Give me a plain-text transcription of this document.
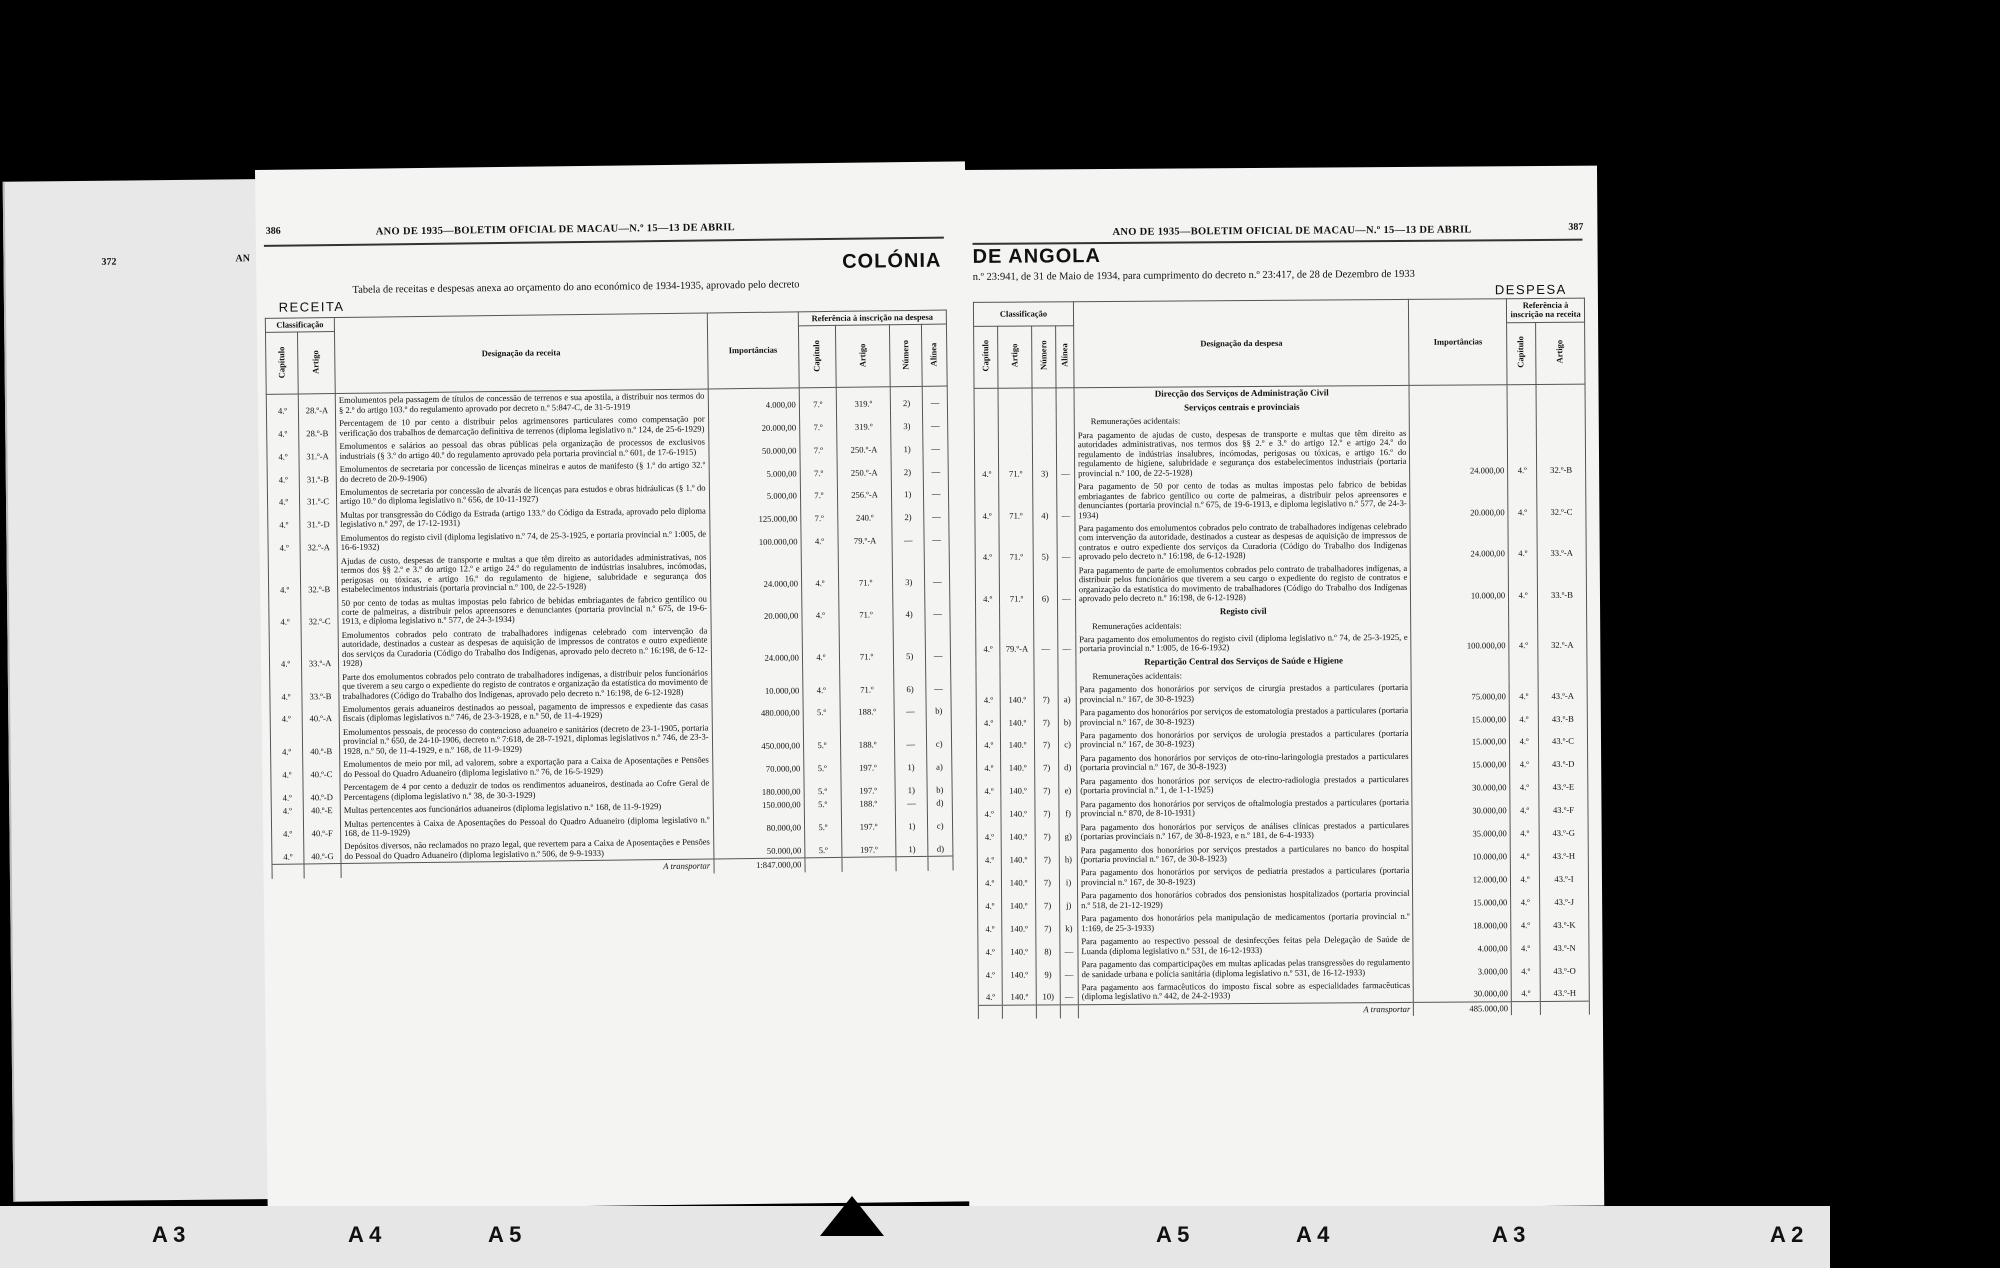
372	AN
386	ANO DE 1935—BOLETIM OFICIAL DE MACAU—N.º 15—13 DE ABRIL
COLÓNIA
Tabela de receitas e despesas anexa ao orçamento do ano económico de 1934-1935, aprovado pelo decreto
RECEITA
Classificação		Designação da receita	Importâncias	Referência à inscrição na despesa			
Capítulo	Artigo			Capítulo	Artigo	Número	Alínea
4.º	28.º-A	Emolumentos pela passagem de títulos de concessão de terrenos e sua apostila, a distribuir nos termos do § 2.º do artigo 103.º do regulamento aprovado por decreto n.º 5:847-C, de 31-5-1919	4.000,00	7.º	319.º	2)	—
4.º	28.º-B	Percentagem de 10 por cento a distribuir pelos agrimensores particulares como compensação por verificação dos trabalhos de demarcação definitiva de terrenos (diploma legislativo n.º 124, de 25-6-1929)	20.000,00	7.º	319.º	3)	—
4.º	31.º-A	Emolumentos e salários ao pessoal das obras públicas pela organização de processos de exclusivos industriais (§ 3.º do artigo 40.º do regulamento aprovado pela portaria provincial n.º 601, de 17-6-1915)	50.000,00	7.º	250.º-A	1)	—
4.º	31.º-B	Emolumentos de secretaria por concessão de licenças mineiras e autos de manifesto (§ 1.º do artigo 32.º do decreto de 20-9-1906)	5.000,00	7.º	250.º-A	2)	—
4.º	31.º-C	Emolumentos de secretaria por concessão de alvarás de licenças para estudos e obras hidráulicas (§ 1.º do artigo 10.º do diploma legislativo n.º 656, de 10-11-1927)	5.000,00	7.º	256.º-A	1)	—
4.º	31.º-D	Multas por transgressão do Código da Estrada (artigo 133.º do Código da Estrada, aprovado pelo diploma legislativo n.º 297, de 17-12-1931)	125.000,00	7.º	240.º	2)	—
4.º	32.º-A	Emolumentos do registo civil (diploma legislativo n.º 74, de 25-3-1925, e portaria provincial n.º 1:005, de 16-6-1932)	100.000,00	4.º	79.º-A	—	—
4.º	32.º-B	Ajudas de custo, despesas de transporte e multas a que têm direito as autoridades administrativas, nos termos dos §§ 2.º e 3.º do artigo 12.º e artigo 24.º do regulamento de indústrias insalubres, incómodas, perigosas ou tóxicas, e artigo 16.º do regulamento de higiene, salubridade e segurança dos estabelecimentos industriais (portaria provincial n.º 100, de 22-5-1928)	24.000,00	4.º	71.º	3)	—
4.º	32.º-C	50 por cento de todas as multas impostas pelo fabrico de bebidas embriagantes de fabrico gentílico ou corte de palmeiras, a distribuir pelos apreensores e denunciantes (portaria provincial n.º 675, de 19-6-1913, e diploma legislativo n.º 577, de 24-3-1934)	20.000,00	4.º	71.º	4)	—
4.º	33.º-A	Emolumentos cobrados pelo contrato de trabalhadores indígenas celebrado com intervenção da autoridade, destinados a custear as despesas de aquisição de impressos de contratos e outro expediente dos serviços da Curadoria (Código do Trabalho dos Indígenas, aprovado pelo decreto n.º 16:198, de 6-12-1928)	24.000,00	4.º	71.º	5)	—
4.º	33.º-B	Parte dos emolumentos cobrados pelo contrato de trabalhadores indígenas, a distribuir pelos funcionários que tiverem a seu cargo o expediente do registo de contratos e organização da estatística do movimento de trabalhadores (Código do Trabalho dos Indígenas, aprovado pelo decreto n.º 16:198, de 6-12-1928)	10.000,00	4.º	71.º	6)	—
4.º	40.º-A	Emolumentos gerais aduaneiros destinados ao pessoal, pagamento de impressos e expediente das casas fiscais (diplomas legislativos n.º 746, de 23-3-1928, e n.º 50, de 11-4-1929)	480.000,00	5.º	188.º	—	b)
4.º	40.º-B	Emolumentos pessoais, de processo do contencioso aduaneiro e sanitários (decreto de 23-1-1905, portaria provincial n.º 650, de 24-10-1906, decreto n.º 7:618, de 28-7-1921, diplomas legislativos n.º 746, de 23-3-1928, n.º 50, de 11-4-1929, e n.º 168, de 11-9-1929)	450.000,00	5.º	188.º	—	c)
4.º	40.º-C	Emolumentos de meio por mil, ad valorem, sobre a exportação para a Caixa de Aposentações e Pensões do Pessoal do Quadro Aduaneiro (diploma legislativo n.º 76, de 16-5-1929)	70.000,00	5.º	197.º	1)	a)
4.º	40.º-D	Percentagem de 4 por cento a deduzir de todos os rendimentos aduaneiros, destinada ao Cofre Geral de Percentagens (diploma legislativo n.º 38, de 30-3-1929)	180.000,00	5.º	197.º	1)	b)
4.º	40.º-E	Multas pertencentes aos funcionários aduaneiros (diploma legislativo n.º 168, de 11-9-1929)	150.000,00	5.º	188.º	—	d)
4.º	40.º-F	Multas pertencentes à Caixa de Aposentações do Pessoal do Quadro Aduaneiro (diploma legislativo n.º 168, de 11-9-1929)	80.000,00	5.º	197.º	1)	c)
4.º	40.º-G	Depósitos diversos, não reclamados no prazo legal, que revertem para a Caixa de Aposentações e Pensões do Pessoal do Quadro Aduaneiro (diploma legislativo n.º 506, de 9-9-1933)	50.000,00	5.º	197.º	1)	d)
		A transportar	1:847.000,00				
ANO DE 1935—BOLETIM OFICIAL DE MACAU—N.º 15—13 DE ABRIL	387
DE ANGOLA
n.º 23:941, de 31 de Maio de 1934, para cumprimento do decreto n.º 23:417, de 28 de Dezembro de 1933
DESPESA
Classificação				Designação da despesa	Importâncias	Referência à inscrição na receita	
Capítulo	Artigo	Número	Alínea			Capítulo	Artigo
				Direcção dos Serviços de Administração Civil			
				Serviços centrais e provinciais			
				Remunerações acidentais:			
4.º	71.º	3)	—	Para pagamento de ajudas de custo, despesas de transporte e multas que têm direito as autoridades administrativas, nos termos dos §§ 2.º e 3.º do artigo 12.º e artigo 24.º do regulamento de indústrias insalubres, incómodas, perigosas ou tóxicas, e artigo 16.º do regulamento de higiene, salubridade e segurança dos estabelecimentos industriais (portaria provincial n.º 100, de 22-5-1928)	24.000,00	4.º	32.º-B
4.º	71.º	4)	—	Para pagamento de 50 por cento de todas as multas impostas pelo fabrico de bebidas embriagantes de fabrico gentílico ou corte de palmeiras, a distribuir pelos apreensores e denunciantes (portaria provincial n.º 675, de 19-6-1913, e diploma legislativo n.º 577, de 24-3-1934)	20.000,00	4.º	32.º-C
4.º	71.º	5)	—	Para pagamento dos emolumentos cobrados pelo contrato de trabalhadores indígenas celebrado com intervenção da autoridade, destinados a custear as despesas de aquisição de impressos de contratos e outro expediente dos serviços da Curadoria (Código do Trabalho dos Indígenas aprovado pelo decreto n.º 16:198, de 6-12-1928)	24.000,00	4.º	33.º-A
4.º	71.º	6)	—	Para pagamento de parte de emolumentos cobrados pelo contrato de trabalhadores indígenas, a distribuir pelos funcionários que tiverem a seu cargo o expediente do registo de contratos e organização da estatística do movimento de trabalhadores (Código do Trabalho dos Indígenas aprovado pelo decreto n.º 16:198, de 6-12-1928)	10.000,00	4.º	33.º-B
				Registo civil			
				Remunerações acidentais:			
4.º	79.º-A	—	—	Para pagamento dos emolumentos do registo civil (diploma legislativo n.º 74, de 25-3-1925, e portaria provincial n.º 1:005, de 16-6-1932)	100.000,00	4.º	32.º-A
				Repartição Central dos Serviços de Saúde e Higiene			
				Remunerações acidentais:			
4.º	140.º	7)	a)	Para pagamento dos honorários por serviços de cirurgia prestados a particulares (portaria provincial n.º 167, de 30-8-1923)	75.000,00	4.º	43.º-A
4.º	140.º	7)	b)	Para pagamento dos honorários por serviços de estomatologia prestados a particulares (portaria provincial n.º 167, de 30-8-1923)	15.000,00	4.º	43.º-B
4.º	140.º	7)	c)	Para pagamento dos honorários por serviços de urologia prestados a particulares (portaria provincial n.º 167, de 30-8-1923)	15.000,00	4.º	43.º-C
4.º	140.º	7)	d)	Para pagamento dos honorários por serviços de oto-rino-laringologia prestados a particulares (portaria provincial n.º 167, de 30-8-1923)	15.000,00	4.º	43.º-D
4.º	140.º	7)	e)	Para pagamento dos honorários por serviços de electro-radiologia prestados a particulares (portaria provincial n.º 1, de 1-1-1925)	30.000,00	4.º	43.º-E
4.º	140.º	7)	f)	Para pagamento dos honorários por serviços de oftalmologia prestados a particulares (portaria provincial n.º 870, de 8-10-1931)	30.000,00	4.º	43.º-F
4.º	140.º	7)	g)	Para pagamento dos honorários por serviços de análises clínicas prestados a particulares (portarias provinciais n.º 167, de 30-8-1923, e n.º 181, de 6-4-1933)	35.000,00	4.º	43.º-G
4.º	140.º	7)	h)	Para pagamento dos honorários por serviços prestados a particulares no banco do hospital (portaria provincial n.º 167, de 30-8-1923)	10.000,00	4.º	43.º-H
4.º	140.º	7)	i)	Para pagamento dos honorários por serviços de pediatria prestados a particulares (portaria provincial n.º 167, de 30-8-1923)	12.000,00	4.º	43.º-I
4.º	140.º	7)	j)	Para pagamento dos honorários cobrados dos pensionistas hospitalizados (portaria provincial n.º 518, de 21-12-1929)	15.000,00	4.º	43.º-J
4.º	140.º	7)	k)	Para pagamento dos honorários pela manipulação de medicamentos (portaria provincial n.º 1:169, de 25-3-1933)	18.000,00	4.º	43.º-K
4.º	140.º	8)	—	Para pagamento ao respectivo pessoal de desinfecções feitas pela Delegação de Saúde de Luanda (diploma legislativo n.º 531, de 16-12-1933)	4.000,00	4.º	43.º-N
4.º	140.º	9)	—	Para pagamento das comparticipações em multas aplicadas pelas transgressões do regulamento de sanidade urbana e polícia sanitária (diploma legislativo n.º 531, de 16-12-1933)	3.000,00	4.º	43.º-O
4.º	140.º	10)	—	Para pagamento aos farmacêuticos do imposto fiscal sobre as especialidades farmacêuticas (diploma legislativo n.º 442, de 24-2-1933)	30.000,00	4.º	43.º-H
				A transportar	485.000,00		
A 3	A 4	A 5	A 5	A 4	A 3	A 2
